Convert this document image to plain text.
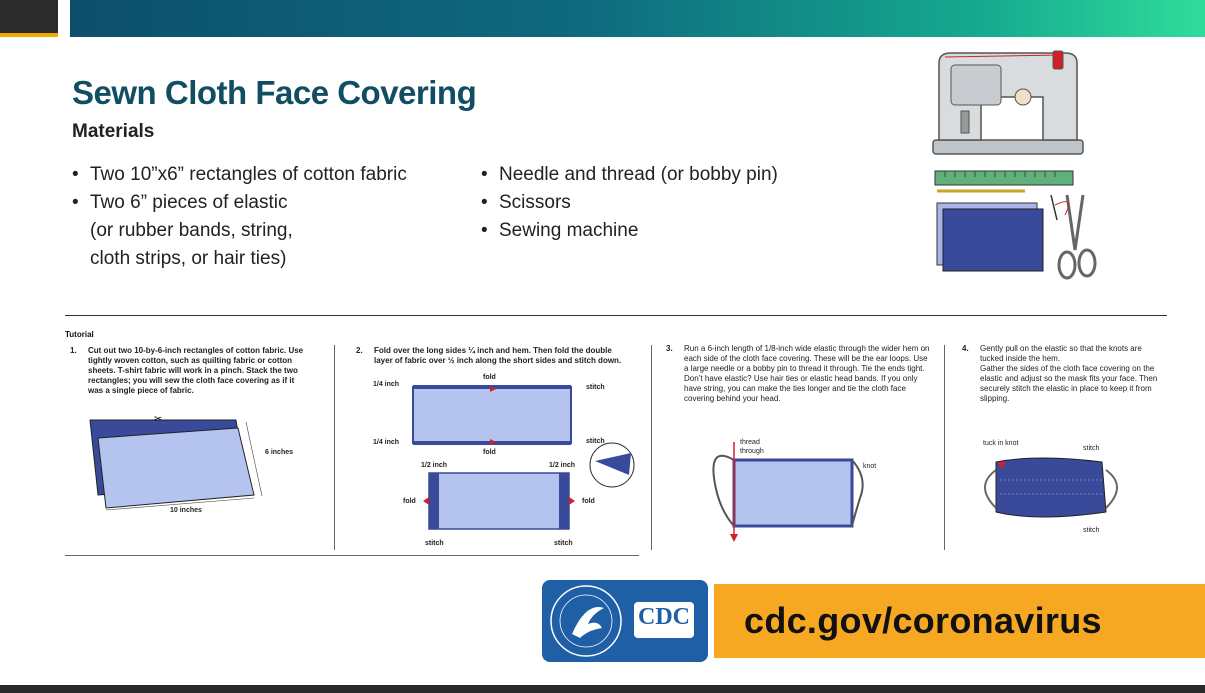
Sewn Cloth Face Covering
Materials
• Two 10”x6” rectangles of cotton fabric
• Two 6” pieces of elastic
(or rubber bands, string,
cloth strips, or hair ties)
• Needle and thread (or bobby pin)
• Scissors
• Sewing machine
Tutorial
1.	Cut out two 10-by-6-inch rectangles of cotton fabric. Use tightly woven cotton, such as quilting fabric or cotton sheets. T-shirt fabric will work in a pinch. Stack the two rectangles; you will sew the cloth face covering as if it was a single piece of fabric.
✂
6 inches
10 inches
2.	Fold over the long sides ¼ inch and hem. Then fold the double layer of fabric over ½ inch along the short sides and stitch down.
1/4 inch
fold
stitch
1/4 inch	stitch
fold
1/2 inch	1/2 inch
fold	fold
stitch	stitch
3.	Run a 6-inch length of 1/8-inch wide elastic through the wider hem on each side of the cloth face covering. These will be the ear loops. Use a large needle or a bobby pin to thread it through. Tie the ends tight.
Don’t have elastic? Use hair ties or elastic head bands. If you only have string, you can make the ties longer and tie the cloth face covering behind your head.
thread
through
knot
4.	Gently pull on the elastic so that the knots are tucked inside the hem.
Gather the sides of the cloth face covering on the elastic and adjust so the mask fits your face. Then securely stitch the elastic in place to keep it from slipping.
tuck in knot
stitch
stitch
CDC cdc.gov/coronavirus
